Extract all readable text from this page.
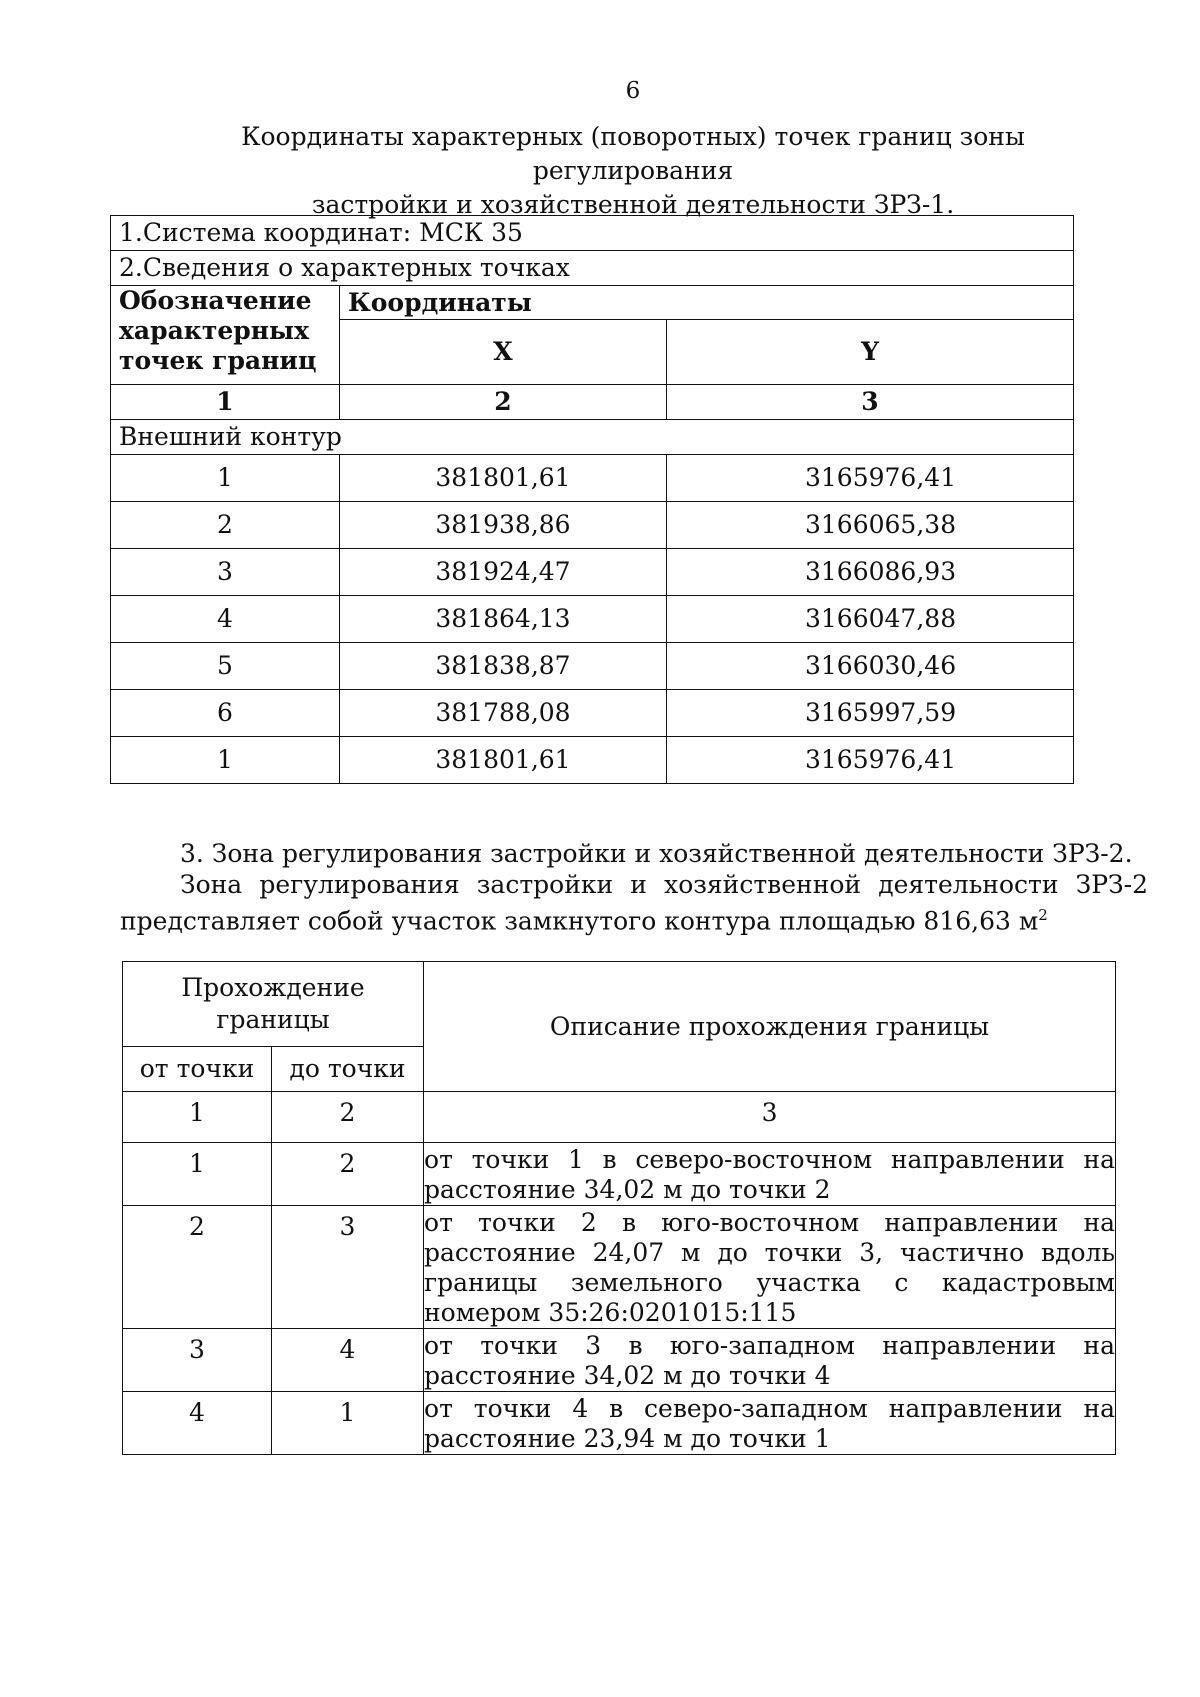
6

Координаты характерных (поворотных) точек границ зоны регулирования

застройки и хозяйственной деятельности ЗРЗ-1.

1.Система координат: МСК 35		
2.Сведения о характерных точках		

Обозначение
характерных
точек границ	Координаты	
	X	Y
1	2	3
Внешний контур		
1	381801,61	3165976,41
2	381938,86	3166065,38
3	381924,47	3166086,93
4	381864,13	3166047,88
5	381838,87	3166030,46
6	381788,08	3165997,59
1	381801,61	3165976,41

3. Зона регулирования застройки и хозяйственной деятельности ЗРЗ-2.

Зона регулирования застройки и хозяйственной деятельности ЗРЗ-2

представляет собой участок замкнутого контура площадью 816,63 $м^2$

Прохождение границы		Описание прохождения границы
от точки	до точки	
1	2	3
1	2	от точки 1 в северо-восточном направлении на расстояние 34,02 м до точки 2
2	3	от точки 2 в юго-восточном направлении на расстояние 24,07 м до точки 3, частично вдоль границы земельного участка с кадастровым номером 35:26:0201015:115
3	4	от точки 3 в юго-западном направлении на расстояние 34,02 м до точки 4
4	1	от точки 4 в северо-западном направлении на расстояние 23,94 м до точки 1
